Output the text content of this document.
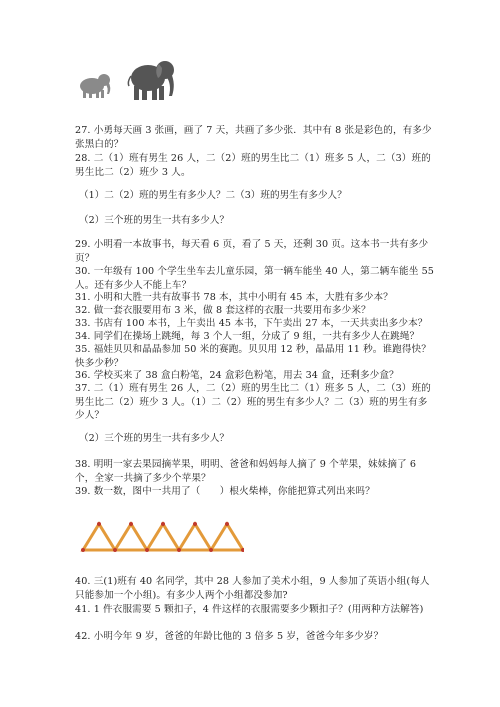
27. 小勇每天画 3 张画，画了 7 天，共画了多少张．其中有 8 张是彩色的，有多少张黑白的？

28. 二（1）班有男生 26 人，二（2）班的男生比二（1）班多 5 人，二（3）班的男生比二（2）班少 3 人。

（1）二（2）班的男生有多少人？二（3）班的男生有多少人？
（2）三个班的男生一共有多少人？

29. 小明看一本故事书，每天看 6 页，看了 5 天，还剩 30 页。这本书一共有多少页？

30. 一年级有 100 个学生坐车去儿童乐园，第一辆车能坐 40 人，第二辆车能坐 55 人。还有多少人不能上车？

31. 小明和大胜一共有故事书 78 本，其中小明有 45 本，大胜有多少本？

32. 做一套衣服要用布 3 米，做 8 套这样的衣服一共要用布多少米？

33. 书店有 100 本书，上午卖出 45 本书，下午卖出 27 本，一天共卖出多少本？

34. 同学们在操场上跳绳，每 3 个人一组，分成了 9 组，一共有多少人在跳绳？

35. 福娃贝贝和晶晶参加 50 米的赛跑。贝贝用 12 秒，晶晶用 11 秒。谁跑得快？快多少秒？

36. 学校买来了 38 盒白粉笔，24 盒彩色粉笔，用去 34 盒，还剩多少盒？

37. 二（1）班有男生 26 人，二（2）班的男生比二（1）班多 5 人，二（3）班的男生比二（2）班少 3 人。（1）二（2）班的男生有多少人？二（3）班的男生有多少人？

（2）三个班的男生一共有多少人？

38. 明明一家去果园摘苹果，明明、爸爸和妈妈每人摘了 9 个苹果，妹妹摘了 6 个，全家一共摘了多少个苹果？

39. 数一数，图中一共用了（　　）根火柴棒，你能把算式列出来吗？

40. 三(1)班有 40 名同学，其中 28 人参加了美术小组，9 人参加了英语小组(每人只能参加一个小组)。有多少人两个小组都没参加?

41. 1 件衣服需要 5 颗扣子，4 件这样的衣服需要多少颗扣子？(用两种方法解答)

42. 小明今年 9 岁，爸爸的年龄比他的 3 倍多 5 岁，爸爸今年多少岁？
